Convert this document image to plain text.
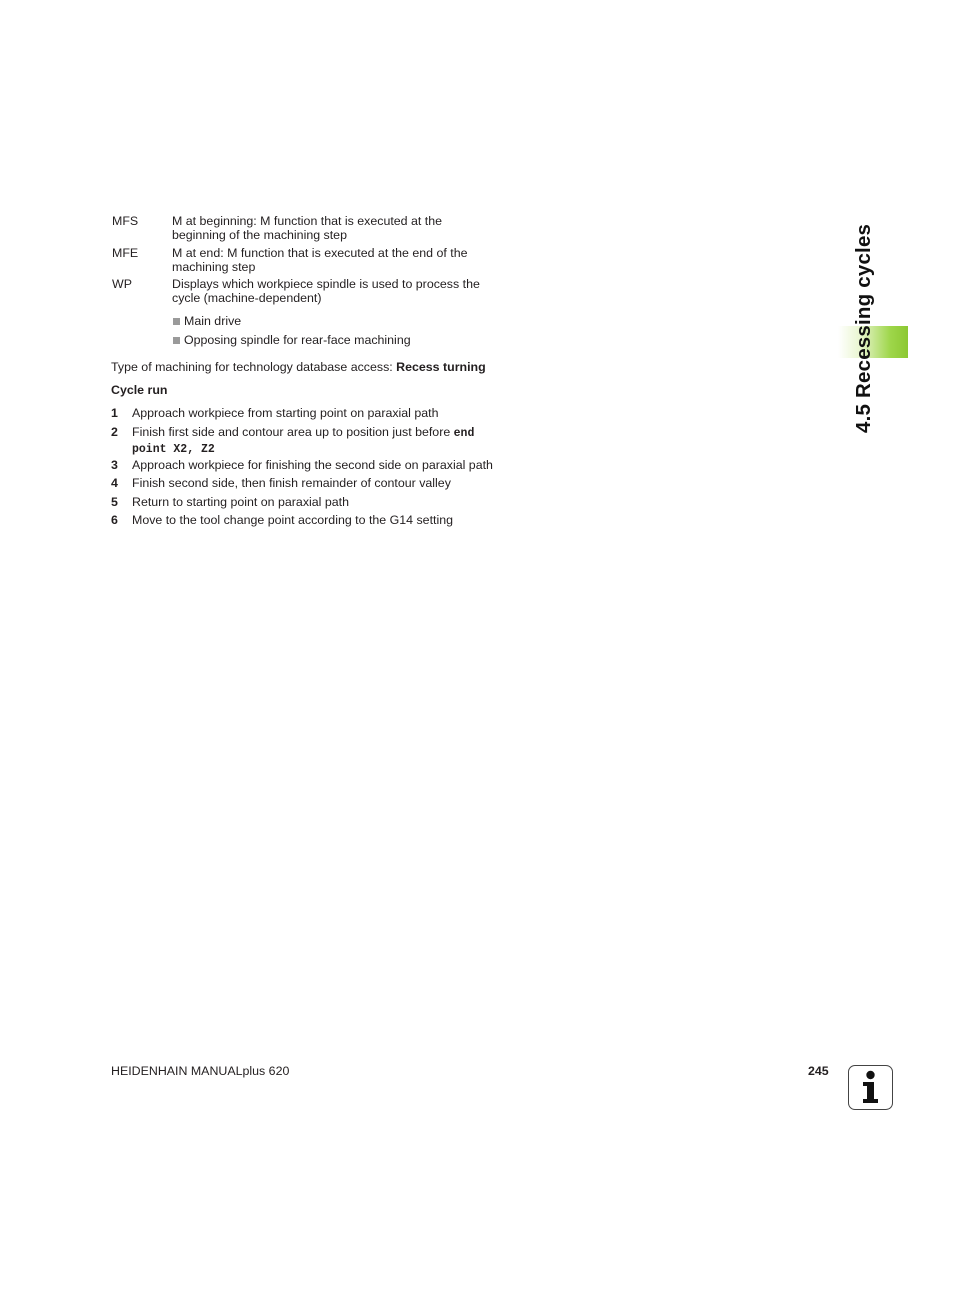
MFS	M at beginning: M function that is executed at the
beginning of the machining step
MFE	M at end: M function that is executed at the end of the
machining step
WP	Displays which workpiece spindle is used to process the
cycle (machine-dependent)
Main drive
Opposing spindle for rear-face machining
Type of machining for technology database access: Recess turning
Cycle run
1 Approach workpiece from starting point on paraxial path
2 Finish first side and contour area up to position just before end
point X2, Z2
3 Approach workpiece for finishing the second side on paraxial path
4 Finish second side, then finish remainder of contour valley
5 Return to starting point on paraxial path
6 Move to the tool change point according to the G14 setting
4.5 Recessing cycles
HEIDENHAIN MANUALplus 620	245
